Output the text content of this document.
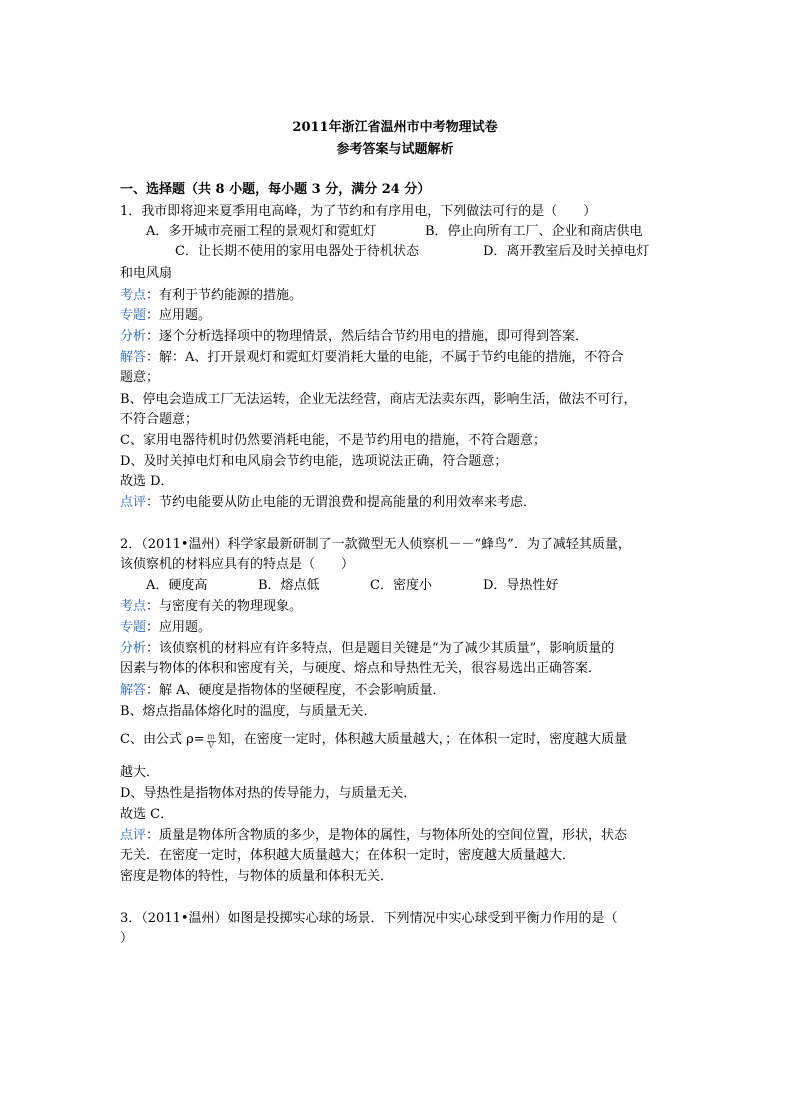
2011年浙江省温州市中考物理试卷
参考答案与试题解析
一、选择题（共 8 小题，每小题 3 分，满分 24 分）
1．我市即将迎来夏季用电高峰，为了节约和有序用电，下列做法可行的是（　　）
A．多开城市亮丽工程的景观灯和霓虹灯	B．停止向所有工厂、企业和商店供电
C．让长期不使用的家用电器处于待机状态	D．离开教室后及时关掉电灯
和电风扇
考点：有利于节约能源的措施。
专题：应用题。
分析：逐个分析选择项中的物理情景，然后结合节约用电的措施，即可得到答案．
解答：解：A、打开景观灯和霓虹灯要消耗大量的电能，不属于节约电能的措施，不符合
题意；
B、停电会造成工厂无法运转，企业无法经营，商店无法卖东西，影响生活，做法不可行，
不符合题意；
C、家用电器待机时仍然要消耗电能，不是节约用电的措施，不符合题意；
D、及时关掉电灯和电风扇会节约电能，选项说法正确，符合题意；
故选 D．
点评：节约电能要从防止电能的无谓浪费和提高能量的利用效率来考虑．
2．（2011•温州）科学家最新研制了一款微型无人侦察机－－“蜂鸟”．为了减轻其质量，
该侦察机的材料应具有的特点是（　　）
A．硬度高	B．熔点低	C．密度小	D．导热性好
考点：与密度有关的物理现象。
专题：应用题。
分析：该侦察机的材料应有许多特点，但是题目关键是“为了减少其质量”，影响质量的
因素与物体的体积和密度有关，与硬度、熔点和导热性无关，很容易选出正确答案．
解答：解 A、硬度是指物体的坚硬程度，不会影响质量．
B、熔点指晶体熔化时的温度，与质量无关．
C、由公式 $\rho= \frac{m}{V}$ 知，在密度一定时，体积越大质量越大，；在体积一定时，密度越大质量
越大．
D、导热性是指物体对热的传导能力，与质量无关．
故选 C．
点评：质量是物体所含物质的多少，是物体的属性，与物体所处的空间位置，形状，状态
无关．在密度一定时，体积越大质量越大；在体积一定时，密度越大质量越大．
密度是物体的特性，与物体的质量和体积无关．
3．（2011•温州）如图是投掷实心球的场景．下列情况中实心球受到平衡力作用的是（
）
